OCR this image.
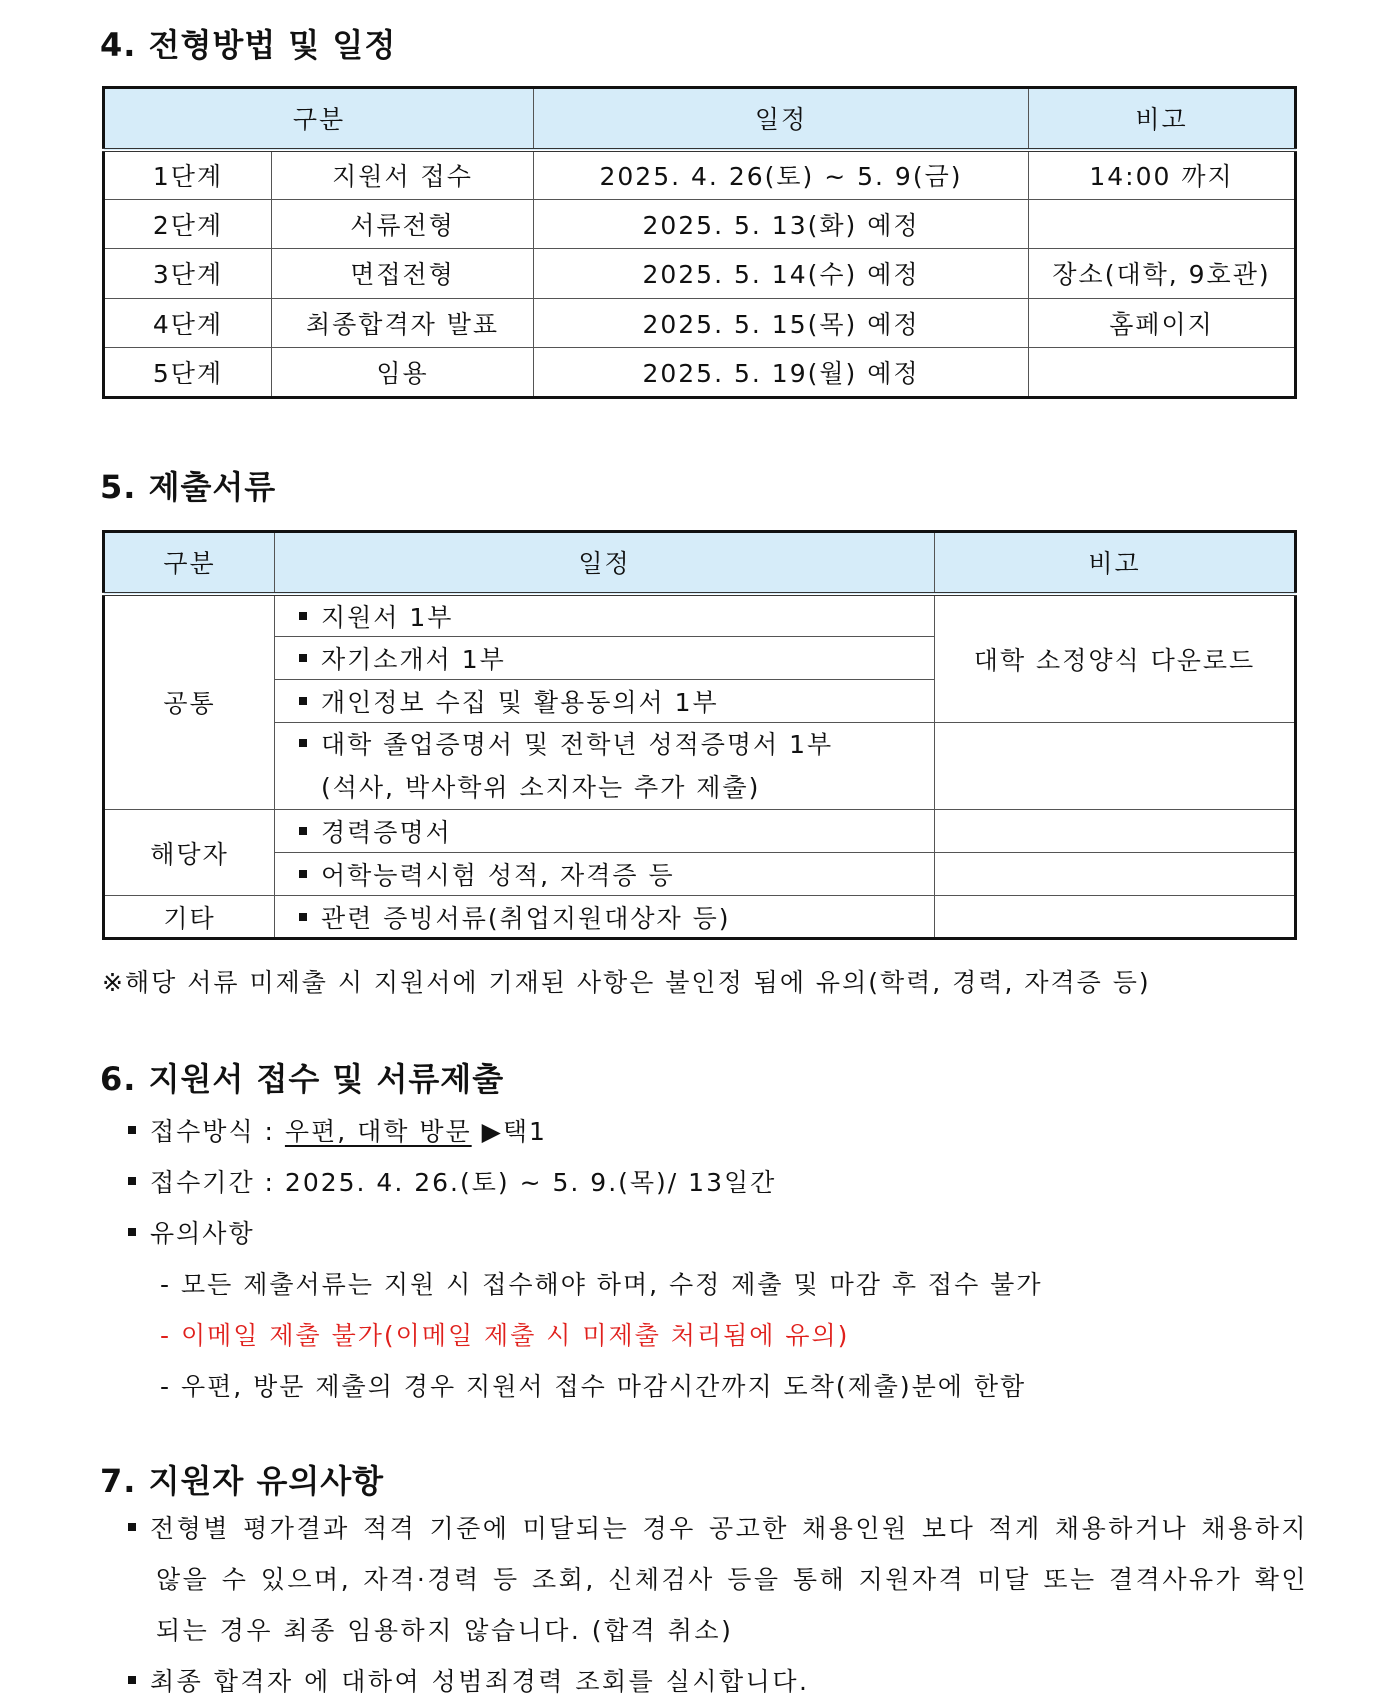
4. 전형방법 및 일정
구분		일정	비고
1단계	지원서 접수	2025. 4. 26(토) ~ 5. 9(금)	14:00 까지
2단계	서류전형	2025. 5. 13(화) 예정	
3단계	면접전형	2025. 5. 14(수) 예정	장소(대학, 9호관)
4단계	최종합격자 발표	2025. 5. 15(목) 예정	홈페이지
5단계	임용	2025. 5. 19(월) 예정	
5. 제출서류
구분	일정	비고
공통	지원서 1부	대학 소정양식 다운로드
	자기소개서 1부	
	개인정보 수집 및 활용동의서 1부	
	대학 졸업증명서 및 전학년 성적증명서 1부
(석사, 박사학위 소지자는 추가 제출)	
해당자	경력증명서	
	어학능력시험 성적, 자격증 등	
기타	관련 증빙서류(취업지원대상자 등)	
※해당 서류 미제출 시 지원서에 기재된 사항은 불인정 됨에 유의(학력, 경력, 자격증 등)
6. 지원서 접수 및 서류제출
접수방식 : 우편, 대학 방문 ▶택1
접수기간 : 2025. 4. 26.(토) ~ 5. 9.(목)/ 13일간
유의사항
- 모든 제출서류는 지원 시 접수해야 하며, 수정 제출 및 마감 후 접수 불가
- 이메일 제출 불가(이메일 제출 시 미제출 처리됨에 유의)
- 우편, 방문 제출의 경우 지원서 접수 마감시간까지 도착(제출)분에 한함
7. 지원자 유의사항
전형별 평가결과 적격 기준에 미달되는 경우 공고한 채용인원 보다 적게 채용하거나 채용하지 않을 수 있으며, 자격·경력 등 조회, 신체검사 등을 통해 지원자격 미달 또는 결격사유가 확인되는 경우 최종 임용하지 않습니다. (합격 취소)
최종 합격자 에 대하여 성범죄경력 조회를 실시합니다.
